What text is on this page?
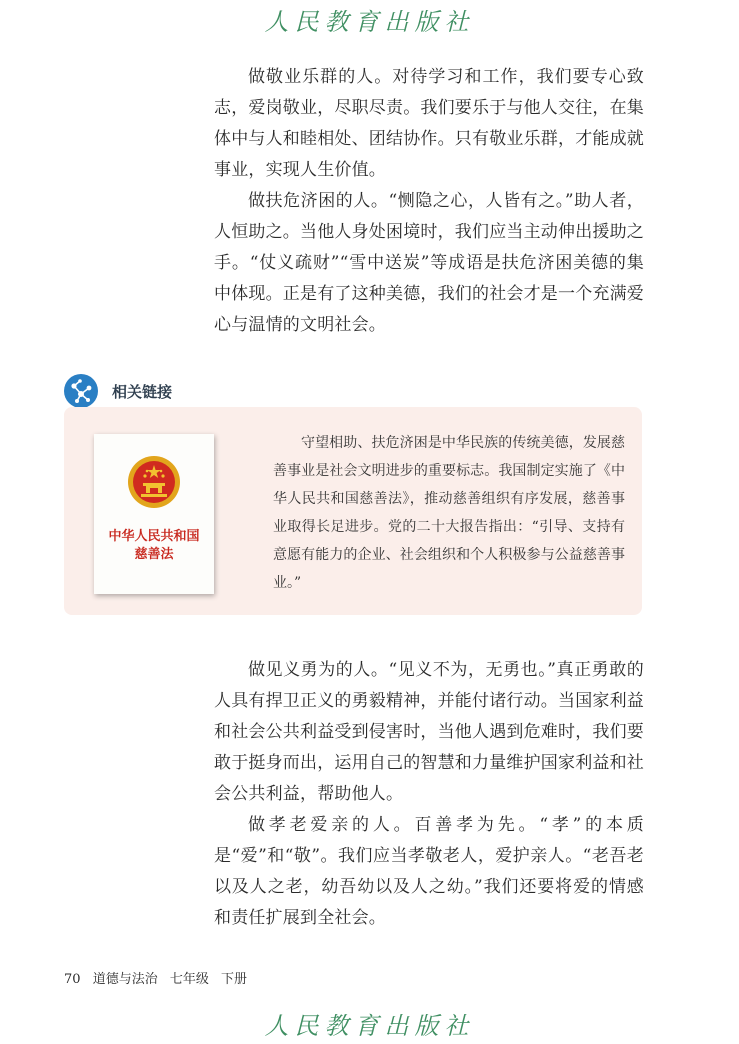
人民教育出版社

做敬业乐群的人。对待学习和工作，我们要专心致志，爱岗敬业，尽职尽责。我们要乐于与他人交往，在集体中与人和睦相处、团结协作。只有敬业乐群，才能成就事业，实现人生价值。

做扶危济困的人。“恻隐之心，人皆有之。”助人者，人恒助之。当他人身处困境时，我们应当主动伸出援助之手。“仗义疏财”“雪中送炭”等成语是扶危济困美德的集中体现。正是有了这种美德，我们的社会才是一个充满爱心与温情的文明社会。

相关链接
中华人民共和国
慈善法
守望相助、扶危济困是中华民族的传统美德，发展慈善事业是社会文明进步的重要标志。我国制定实施了《中华人民共和国慈善法》，推动慈善组织有序发展，慈善事业取得长足进步。党的二十大报告指出：“引导、支持有意愿有能力的企业、社会组织和个人积极参与公益慈善事业。”

做见义勇为的人。“见义不为，无勇也。”真正勇敢的人具有捍卫正义的勇毅精神，并能付诸行动。当国家利益和社会公共利益受到侵害时，当他人遇到危难时，我们要敢于挺身而出，运用自己的智慧和力量维护国家利益和社会公共利益，帮助他人。

做孝老爱亲的人。百善孝为先。“孝”的本质是“爱”和“敬”。我们应当孝敬老人，爱护亲人。“老吾老以及人之老，幼吾幼以及人之幼。”我们还要将爱的情感和责任扩展到全社会。

70 道德与法治 七年级 下册
人民教育出版社
